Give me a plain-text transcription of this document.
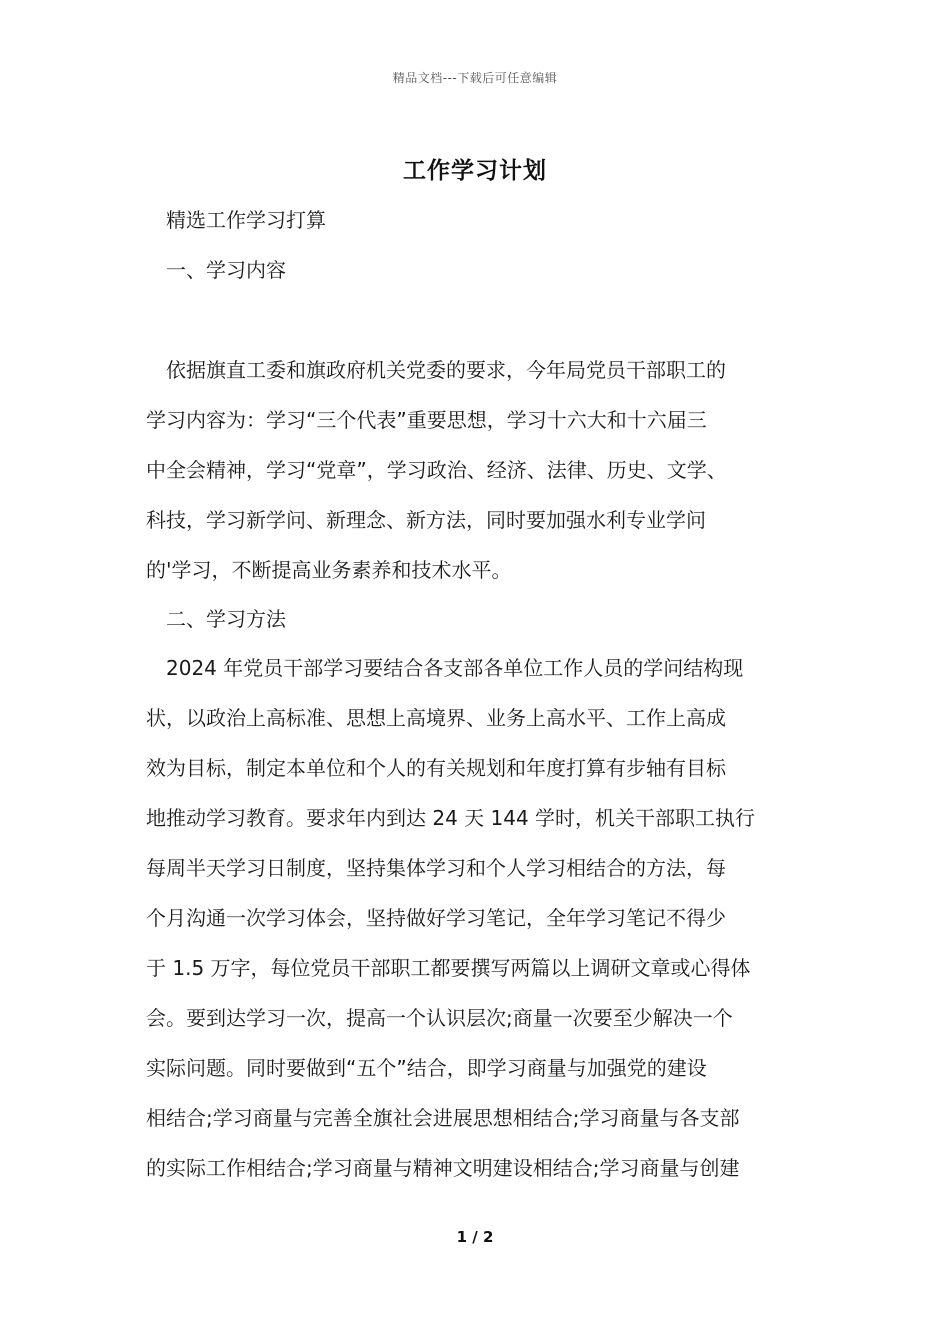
精品文档---下载后可任意编辑
工作学习计划
精选工作学习打算
一、学习内容
依据旗直工委和旗政府机关党委的要求，今年局党员干部职工的
学习内容为：学习“三个代表”重要思想，学习十六大和十六届三
中全会精神，学习“党章”，学习政治、经济、法律、历史、文学、
科技，学习新学问、新理念、新方法，同时要加强水利专业学问
的'学习，不断提高业务素养和技术水平。
二、学习方法
2024 年党员干部学习要结合各支部各单位工作人员的学问结构现
状，以政治上高标准、思想上高境界、业务上高水平、工作上高成
效为目标，制定本单位和个人的有关规划和年度打算有步轴有目标
地推动学习教育。要求年内到达 24 天 144 学时，机关干部职工执行
每周半天学习日制度，坚持集体学习和个人学习相结合的方法，每
个月沟通一次学习体会，坚持做好学习笔记，全年学习笔记不得少
于 1.5 万字，每位党员干部职工都要撰写两篇以上调研文章或心得体
会。要到达学习一次，提高一个认识层次;商量一次要至少解决一个
实际问题。同时要做到“五个”结合，即学习商量与加强党的建设
相结合;学习商量与完善全旗社会进展思想相结合;学习商量与各支部
的实际工作相结合;学习商量与精神文明建设相结合;学习商量与创建
1 / 2
